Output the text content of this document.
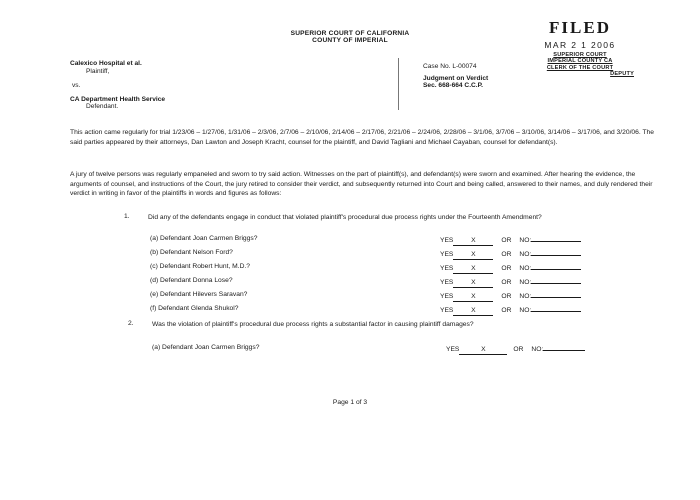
SUPERIOR COURT OF CALIFORNIA
COUNTY OF IMPERIAL
FILED
MAR 2 1 2006
SUPERIOR COURT
IMPERIAL COUNTY CA
CLERK OF THE COURT
DEPUTY
Calexico Hospital et al.
Plaintiff,
vs.
CA Department Health Service
Defendant.
Case No. L-00074
Judgment on Verdict
Sec. 668-664 C.C.P.
This action came regularly for trial 1/23/06 – 1/27/06, 1/31/06 – 2/3/06, 2/7/06 – 2/10/06, 2/14/06 – 2/17/06, 2/21/06 – 2/24/06, 2/28/06 – 3/1/06, 3/7/06 – 3/10/06, 3/14/06 – 3/17/06, and 3/20/06. The said parties appeared by their attorneys, Dan Lawton and Joseph Kracht, counsel for the plaintiff, and David Tagliani and Michael Cayaban, counsel for defendant(s).
A jury of twelve persons was regularly empaneled and sworn to try said action. Witnesses on the part of plaintiff(s), and defendant(s) were sworn and examined. After hearing the evidence, the arguments of counsel, and instructions of the Court, the jury retired to consider their verdict, and subsequently returned into Court and being called, answered to their names, and duly rendered their verdict in writing in favor of the plaintiffs in words and figures as follows:
1.	Did any of the defendants engage in conduct that violated plaintiff's procedural due process rights under the Fourteenth Amendment?
(a) Defendant Joan Carmen Briggs?	YES	X	OR NO:
(b) Defendant Nelson Ford?	YES	X	OR NO:
(c) Defendant Robert Hunt, M.D.?	YES	X	OR NO:
(d) Defendant Donna Lose?	YES	X	OR NO:
(e) Defendant Hilevers Saravan?	YES	X	OR NO:
(f) Defendant Glenda Shukol?	YES	X	OR NO:
2.	Was the violation of plaintiff's procedural due process rights a substantial factor in causing plaintiff damages?
(a) Defendant Joan Carmen Briggs?	YES	X	OR NO:
Page 1 of 3
